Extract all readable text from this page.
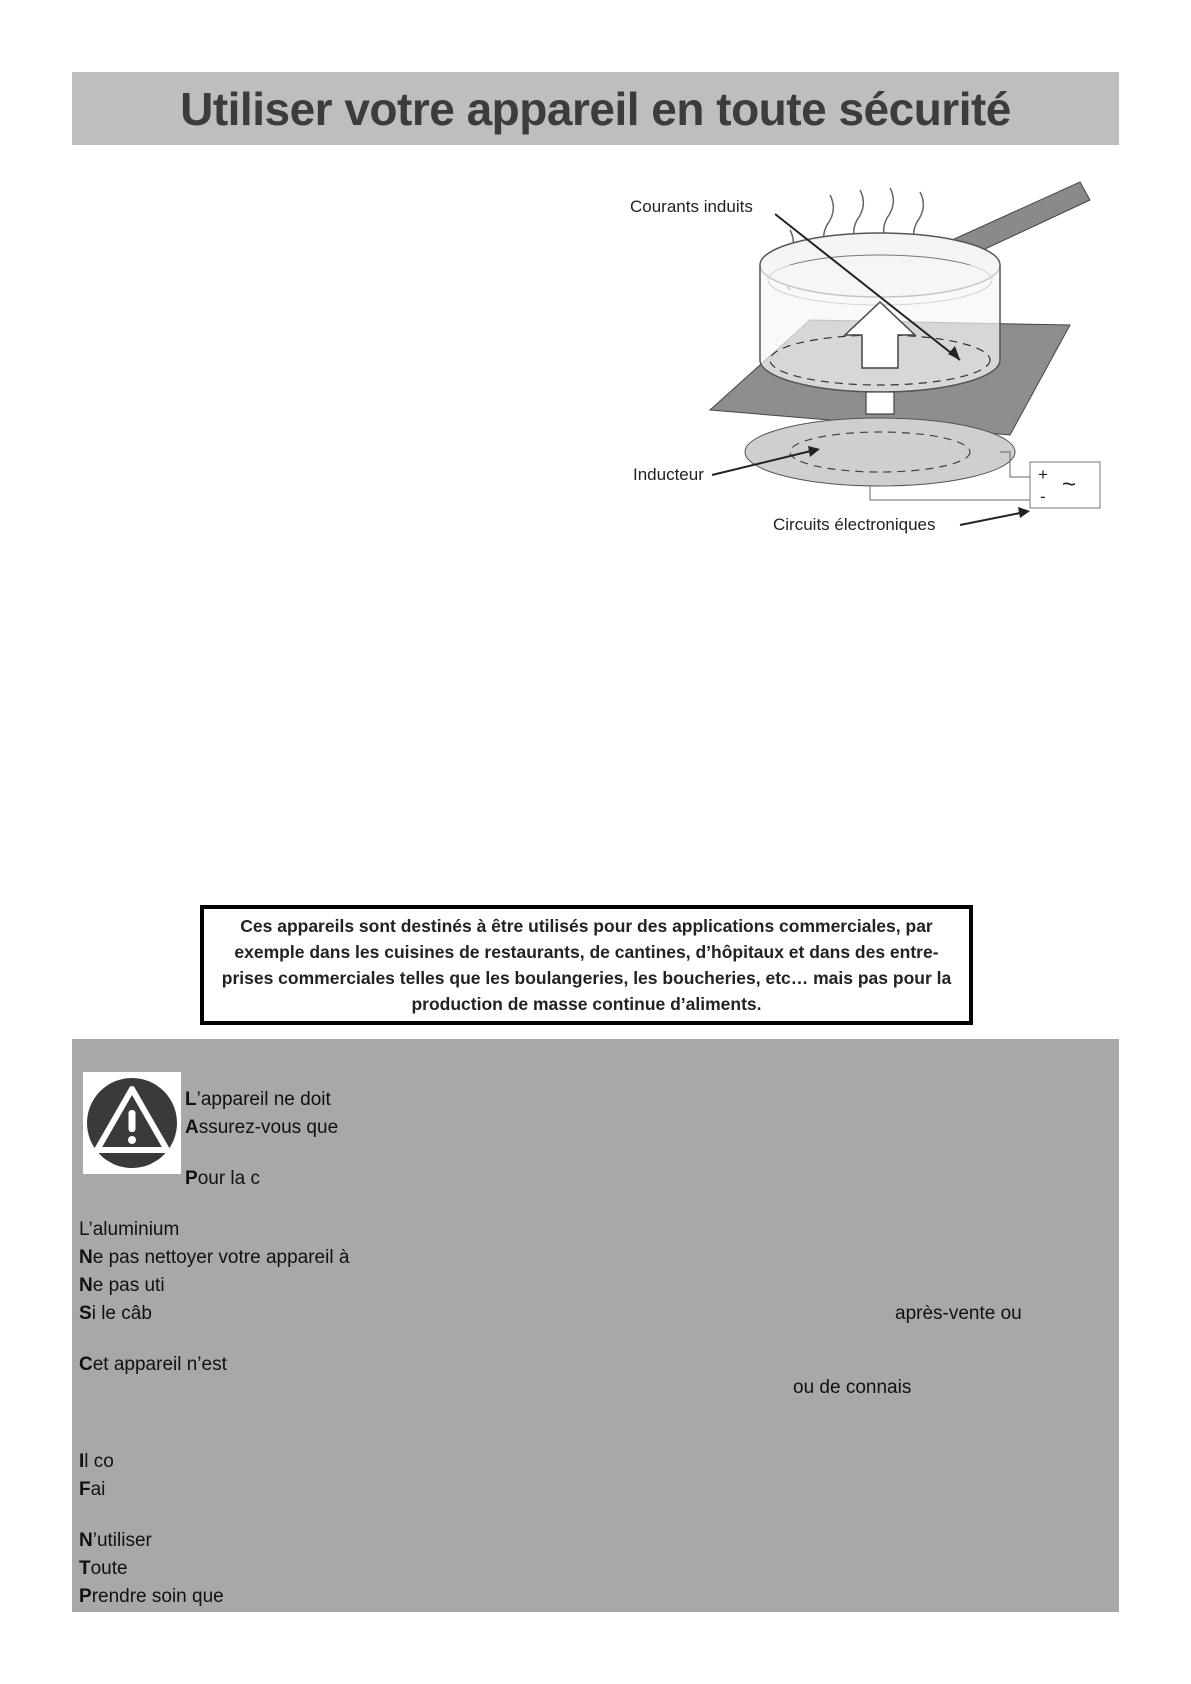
Utiliser votre appareil en toute sécurité
+
- ~
Courants induits
Inducteur
Circuits électroniques

Ces appareils sont destinés à être utilisés pour des applications commerciales, par exemple dans les cuisines de restaurants, de cantines, d’hôpitaux et dans des entre-prises commerciales telles que les boulangeries, les boucheries, etc… mais pas pour la production de masse continue d’aliments.

L’appareil ne doit
Assurez-vous que
Pour la c
L’aluminium
Ne pas nettoyer votre appareil à
Ne pas uti
Si le câb	après-vente ou
Cet appareil n’est
ou de connais
Il co
Fai
N’utiliser
Toute
Prendre soin que
